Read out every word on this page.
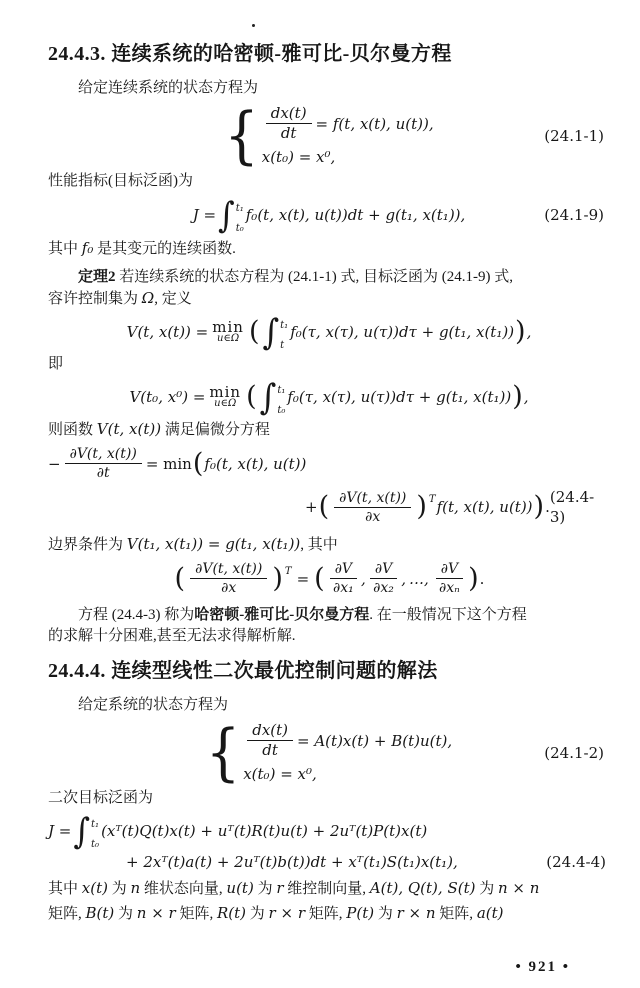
24.4.3. 连续系统的哈密顿-雅可比-贝尔曼方程

给定连续系统的状态方程为

{ $\frac{dx(t)}{dt} = f(t$, x(t), u(t)),
x(t₀) = x⁰,
(24.1-1)

性能指标(目标泛函)为

J = ∫ t₁
t₀
f₀(t, x(t), u(t))dt + g(t₁, x(t₁)),	(24.1-9)

其中 f₀ 是其变元的连续函数.

定理2 若连续系统的状态方程为 (24.1-1) 式, 目标泛函为 (24.1-9) 式,

容许控制集为 Ω, 定义

V(t, x(t)) = min
u∈Ω ( ∫ t₁
t
f₀(τ, x(τ), u(τ))dτ + g(t₁, x(t₁)) ) ,

即

V(t₀, x⁰) = min
u∈Ω ( ∫ t₁
t₀
f₀(τ, x(τ), u(τ))dτ + g(t₁, x(t₁)) ) ,

则函数 V(t, x(t)) 满足偏微分方程

− $\frac{\partial V(t, x(t))}{\partial t} = \min$ ( f₀(t, x(t), u(t))
+ ( $\frac{\partial V(t, x(t))}{\partial x}$ ) T f(t, x(t), u(t)) ) .
(24.4-3)

边界条件为 V(t₁, x(t₁)) = g(t₁, x(t₁)), 其中

( $\frac{\partial V(t, x(t))}{\partial x}$ ) T = ( $\frac{\partial V}{\text{∂x₁}}$ , $\frac{\partial V}{\text{∂x₂}}$ , …, $\frac{\partial V}{\text{∂xₙ}}$ ) .

方程 (24.4-3) 称为哈密顿-雅可比-贝尔曼方程. 在一般情况下这个方程

的求解十分困难,甚至无法求得解析解.

24.4.4. 连续型线性二次最优控制问题的解法

给定系统的状态方程为

{ $\frac{dx(t)}{dt} = A(t)x(t) + B(t)u(t)$,
x(t₀) = x⁰,
(24.1-2)

二次目标泛函为

J = ∫ t₁
t₀
(xᵀ(t)Q(t)x(t) + uᵀ(t)R(t)u(t) + 2uᵀ(t)P(t)x(t)
+ 2xᵀ(t)a(t) + 2uᵀ(t)b(t))dt + xᵀ(t₁)S(t₁)x(t₁),	(24.4-4)

其中 x(t) 为 n 维状态向量, u(t) 为 r 维控制向量, A(t), Q(t), S(t) 为 n × n

矩阵, B(t) 为 n × r 矩阵, R(t) 为 r × r 矩阵, P(t) 为 r × n 矩阵, a(t)

• 921 •
